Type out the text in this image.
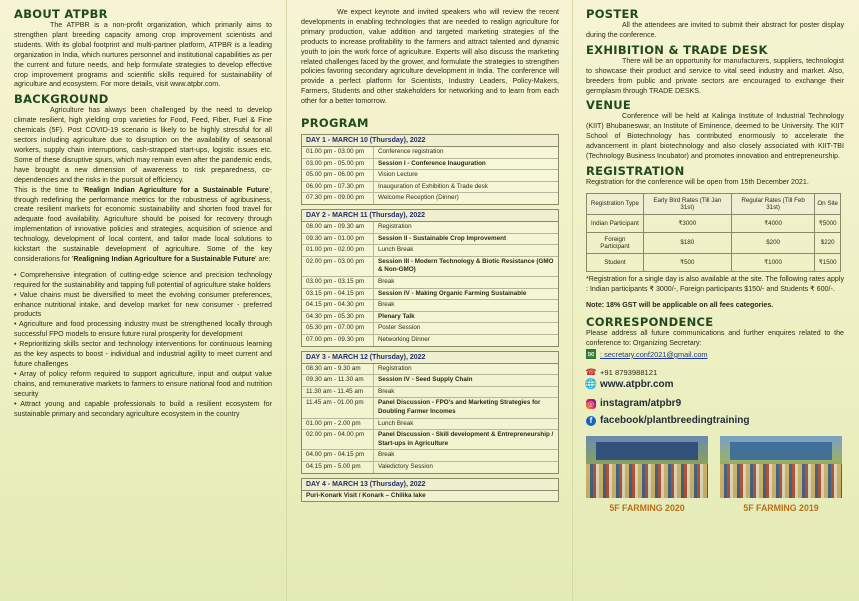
ABOUT ATPBR

The ATPBR is a non-profit organization, which primarily aims to strengthen plant breeding capacity among crop improvement scientists and students. With its global footprint and multi-partner platform, ATPBR is a leading organization in India, which nurtures personnel and institutional capabilities as per the current and future needs, and help formulate strategies to develop effective crop improvement programs and scientific skills required for sustainability of agriculture and ecosystem. For more details, visit www.atpbr.com.

BACKGROUND

Agriculture has always been challenged by the need to develop climate resilient, high yielding crop varieties for Food, Feed, Fiber, Fuel & Fine chemicals (5F). Post COVID-19 scenario is likely to be highly stressful for all sectors including agriculture due to disruption on the availability of seasonal workers, supply chain interruptions, cash-strapped start-ups, logistic issues etc. Some of these disruptive spurs, which may remain even after the pandemic ends, have brought a new dimension of awareness to risk preparedness, co-dependencies and the risks in the pursuit of efficiency.

This is the time to 'Realign Indian Agriculture for a Sustainable Future', through redefining the performance metrics for the robustness of agribusiness, create resilient markets for economic sustainability and shorten food travel for adequate food availability. Agriculture should be poised for recovery through implementation of innovative policies and strategies, acquisition of science and technology, development of local content, and tailor made local solutions to kickstart the sustainable development of agriculture. Some of the key considerations for 'Realigning Indian Agriculture for a Sustainable Future' are:

• Comprehensive integration of cutting-edge science and precision technology required for the sustainability and tapping full potential of agriculture stake holders
• Value chains must be diversified to meet the evolving consumer preferences, enhance nutritional intake, and develop market for new consumer - preferred products
• Agriculture and food processing industry must be strengthened locally through successful FPO models to ensure future rural prosperity for development
• Reprioritizing skills sector and technology interventions for continuous learning as the key aspects to boost - individual and industrial agility to meet current and future challenges
• Array of policy reform required to support agriculture, input and output value chains, and remunerative markets to farmers to ensure national food and nutrition security
• Attract young and capable professionals to build a resilient ecosystem for sustainable primary and secondary agriculture ecosystem in the country

We expect keynote and invited speakers who will review the recent developments in enabling technologies that are needed to realign agriculture for primary production, value addition and targeted marketing strategies of the products to increase profitability to the farmers and attract talented and dynamic youth to join the work force of agriculture. Experts will also discuss the marketing related challenges faced by the grower, and formulate the strategies to strengthen policies favoring secondary agriculture development in India. The conference will provide a perfect platform for Scientists, Industry Leaders, Policy-Makers, Farmers, Students and other stakeholders for networking and to learn from each other for a better tomorrow.

PROGRAM
DAY 1 - MARCH 10 (Thursday), 2022
01.00 pm - 03.00 pm	Conference registration
03.00 pm - 05.00 pm	Session I - Conference Inauguration
05.00 pm - 06.00 pm	Vision Lecture
06.00 pm - 07.30 pm	Inauguration of Exhibition & Trade desk
07.30 pm - 09.00 pm	Welcome Reception (Dinner)
DAY 2 - MARCH 11 (Thursday), 2022
08.00 am - 09.30 am	Registration
09.30 am - 01.00 pm	Session II - Sustainable Crop Improvement
01.00 pm - 02.00 pm	Lunch Break
02.00 pm - 03.00 pm	Session III - Modern Technology & Biotic Resistance (GMO & Non-GMO)
03.00 pm - 03.15 pm	Break
03.15 pm - 04.15 pm	Session IV - Making Organic Farming Sustainable
04.15 pm - 04.30 pm	Break
04.30 pm - 05.30 pm	Plenary Talk
05.30 pm - 07.00 pm	Poster Session
07.00 pm - 09.30 pm	Networking Dinner
DAY 3 - MARCH 12 (Thursday), 2022
08.30 am - 9.30 am	Registration
09.30 am - 11.30 am	Session IV - Seed Supply Chain
11.30 am - 11.45 am	Break
11.45 am - 01.00 pm	Panel Discussion - FPO's and Marketing Strategies for Doubling Farmer Incomes
01.00 pm - 2.00 pm	Lunch Break
02.00 pm - 04.00 pm	Panel Discussion - Skill development & Entrepreneurship / Start-ups in Agriculture
04.00 pm - 04.15 pm	Break
04.15 pm - 5.00 pm	Valedictory Session
DAY 4 - MARCH 13 (Thursday), 2022
Puri-Konark Visit / Konark – Chilika lake
POSTER

All the attendees are invited to submit their abstract for poster display during the conference.

EXHIBITION & TRADE DESK

There will be an opportunity for manufacturers, suppliers, technologist to showcase their product and service to vital seed industry and market. Also, breeders from public and private sectors are encouraged to exchange their germplasm through TRADE DESKS.

VENUE

Conference will be held at Kalinga Institute of Industrial Technology (KIIT) Bhubaneswar, an Institute of Eminence, deemed to be University. The KIIT School of Biotechnology has contributed enormously to accelerate the advancement in plant biotechnology and also closely associated with KIIT-TBI (Technology Business Incubator) and promotes innovation and entrepreneurship.

REGISTRATION

Registration for the conference will be open from 15th December 2021.

Registration Type	Early Bird Rates (Till Jan 31st)	Regular Rates (Till Feb 31st)	On Site
Indian Participant	₹3000	₹4000	₹5000
Foreign Participant	$180	$200	$220
Student	₹500	₹1000	₹1500

*Registration for a single day is also available at the site. The following rates apply : Indian participants ₹ 3000/-, Foreign participants $150/- and Students ₹ 600/-.

Note: 18% GST will be applicable on all fees categories.

CORRESPONDENCE

Please address all future communications and further enquires related to the conference to: Organizing Secretary:

✉ : secretary.conf2021@gmail.com
☎ +91 8793988121
🌐 www.atpbr.com
◎ instagram/atpbr9
f facebook/plantbreedingtraining
5F FARMING 2020	5F FARMING 2019
